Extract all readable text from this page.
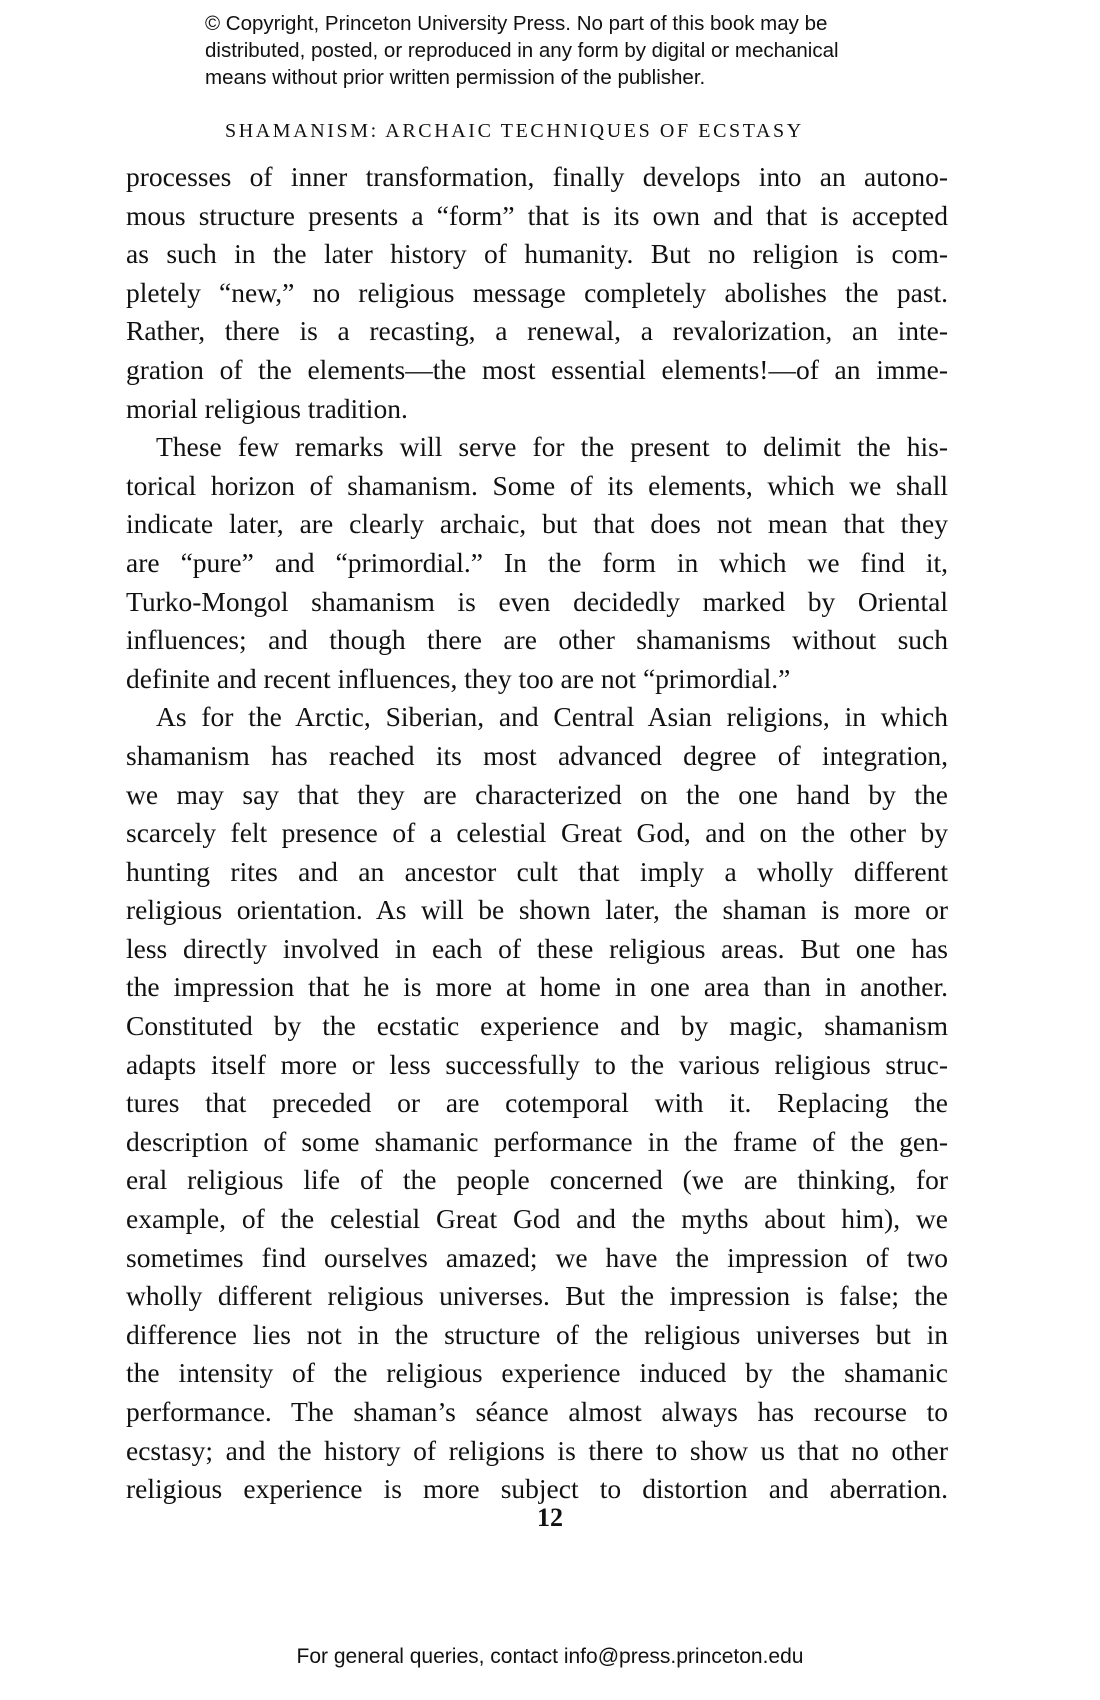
© Copyright, Princeton University Press. No part of this book may be
distributed, posted, or reproduced in any form by digital or mechanical
means without prior written permission of the publisher.
SHAMANISM: ARCHAIC TECHNIQUES OF ECSTASY
processes of inner transformation, finally develops into an autono-
mous structure presents a “form” that is its own and that is accepted
as such in the later history of humanity. But no religion is com-
pletely “new,” no religious message completely abolishes the past.
Rather, there is a recasting, a renewal, a revalorization, an inte-
gration of the elements—the most essential elements!—of an imme-
morial religious tradition.
These few remarks will serve for the present to delimit the his-
torical horizon of shamanism. Some of its elements, which we shall
indicate later, are clearly archaic, but that does not mean that they
are “pure” and “primordial.” In the form in which we find it,
Turko-Mongol shamanism is even decidedly marked by Oriental
influences; and though there are other shamanisms without such
definite and recent influences, they too are not “primordial.”
As for the Arctic, Siberian, and Central Asian religions, in which
shamanism has reached its most advanced degree of integration,
we may say that they are characterized on the one hand by the
scarcely felt presence of a celestial Great God, and on the other by
hunting rites and an ancestor cult that imply a wholly different
religious orientation. As will be shown later, the shaman is more or
less directly involved in each of these religious areas. But one has
the impression that he is more at home in one area than in another.
Constituted by the ecstatic experience and by magic, shamanism
adapts itself more or less successfully to the various religious struc-
tures that preceded or are cotemporal with it. Replacing the
description of some shamanic performance in the frame of the gen-
eral religious life of the people concerned (we are thinking, for
example, of the celestial Great God and the myths about him), we
sometimes find ourselves amazed; we have the impression of two
wholly different religious universes. But the impression is false; the
difference lies not in the structure of the religious universes but in
the intensity of the religious experience induced by the shamanic
performance. The shaman’s séance almost always has recourse to
ecstasy; and the history of religions is there to show us that no other
religious experience is more subject to distortion and aberration.
12
For general queries, contact info@press.princeton.edu
